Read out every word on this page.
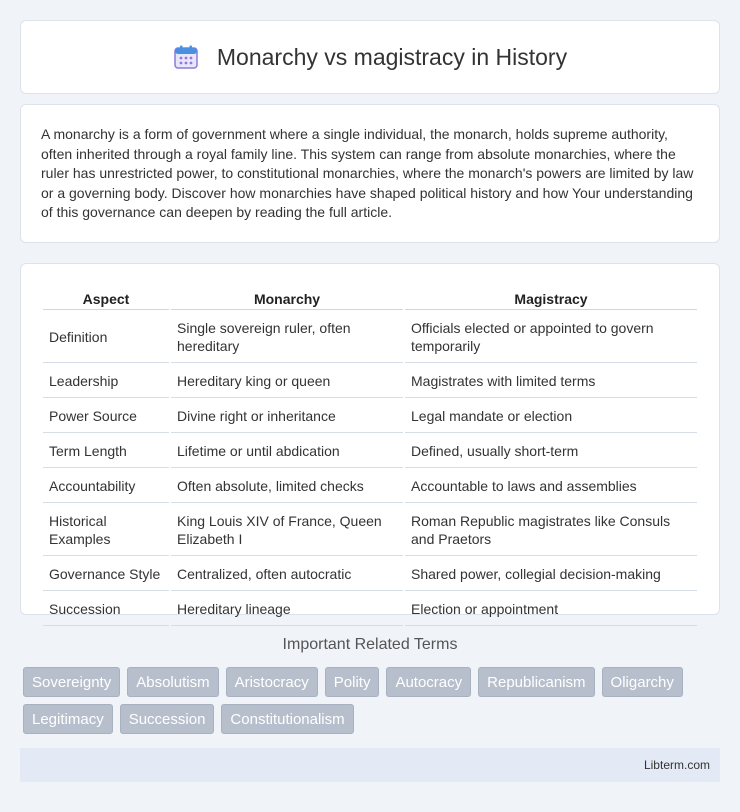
Monarchy vs magistracy in History

A monarchy is a form of government where a single individual, the monarch, holds supreme authority, often inherited through a royal family line. This system can range from absolute monarchies, where the ruler has unrestricted power, to constitutional monarchies, where the monarch's powers are limited by law or a governing body. Discover how monarchies have shaped political history and how Your understanding of this governance can deepen by reading the full article.

Aspect	Monarchy	Magistracy
Definition	Single sovereign ruler, often hereditary	Officials elected or appointed to govern temporarily
Leadership	Hereditary king or queen	Magistrates with limited terms
Power Source	Divine right or inheritance	Legal mandate or election
Term Length	Lifetime or until abdication	Defined, usually short-term
Accountability	Often absolute, limited checks	Accountable to laws and assemblies
Historical Examples	King Louis XIV of France, Queen Elizabeth I	Roman Republic magistrates like Consuls and Praetors
Governance Style	Centralized, often autocratic	Shared power, collegial decision-making
Succession	Hereditary lineage	Election or appointment
Important Related Terms
Sovereignty	Absolutism	Aristocracy	Polity	Autocracy	Republicanism	Oligarchy
Legitimacy	Succession	Constitutionalism
Libterm.com
